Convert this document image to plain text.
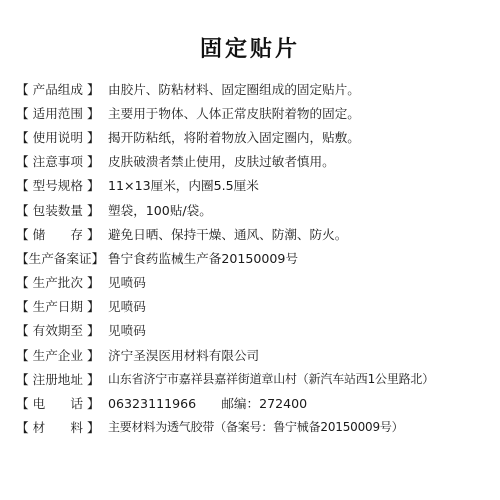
固定贴片
【 产品组成 】 由胶片、防粘材料、固定圈组成的固定贴片。
【 适用范围 】 主要用于物体、人体正常皮肤附着物的固定。
【 使用说明 】 揭开防粘纸，将附着物放入固定圈内，贴敷。
【 注意事项 】 皮肤破溃者禁止使用，皮肤过敏者慎用。
【 型号规格 】 11×13厘米，内圈5.5厘米
【 包装数量 】 塑袋，100贴/袋。
【 储　　存 】 避免日晒、保持干燥、通风、防潮、防火。
【生产备案证】 鲁宁食药监械生产备20150009号
【 生产批次 】 见喷码
【 生产日期 】 见喷码
【 有效期至 】 见喷码
【 生产企业 】 济宁圣淏医用材料有限公司
【 注册地址 】 山东省济宁市嘉祥县嘉祥街道章山村（新汽车站西1公里路北）
【 电　　话 】 06323111966　　邮编：272400
【 材　　料 】 主要材料为透气胶带（备案号：鲁宁械备20150009号）
